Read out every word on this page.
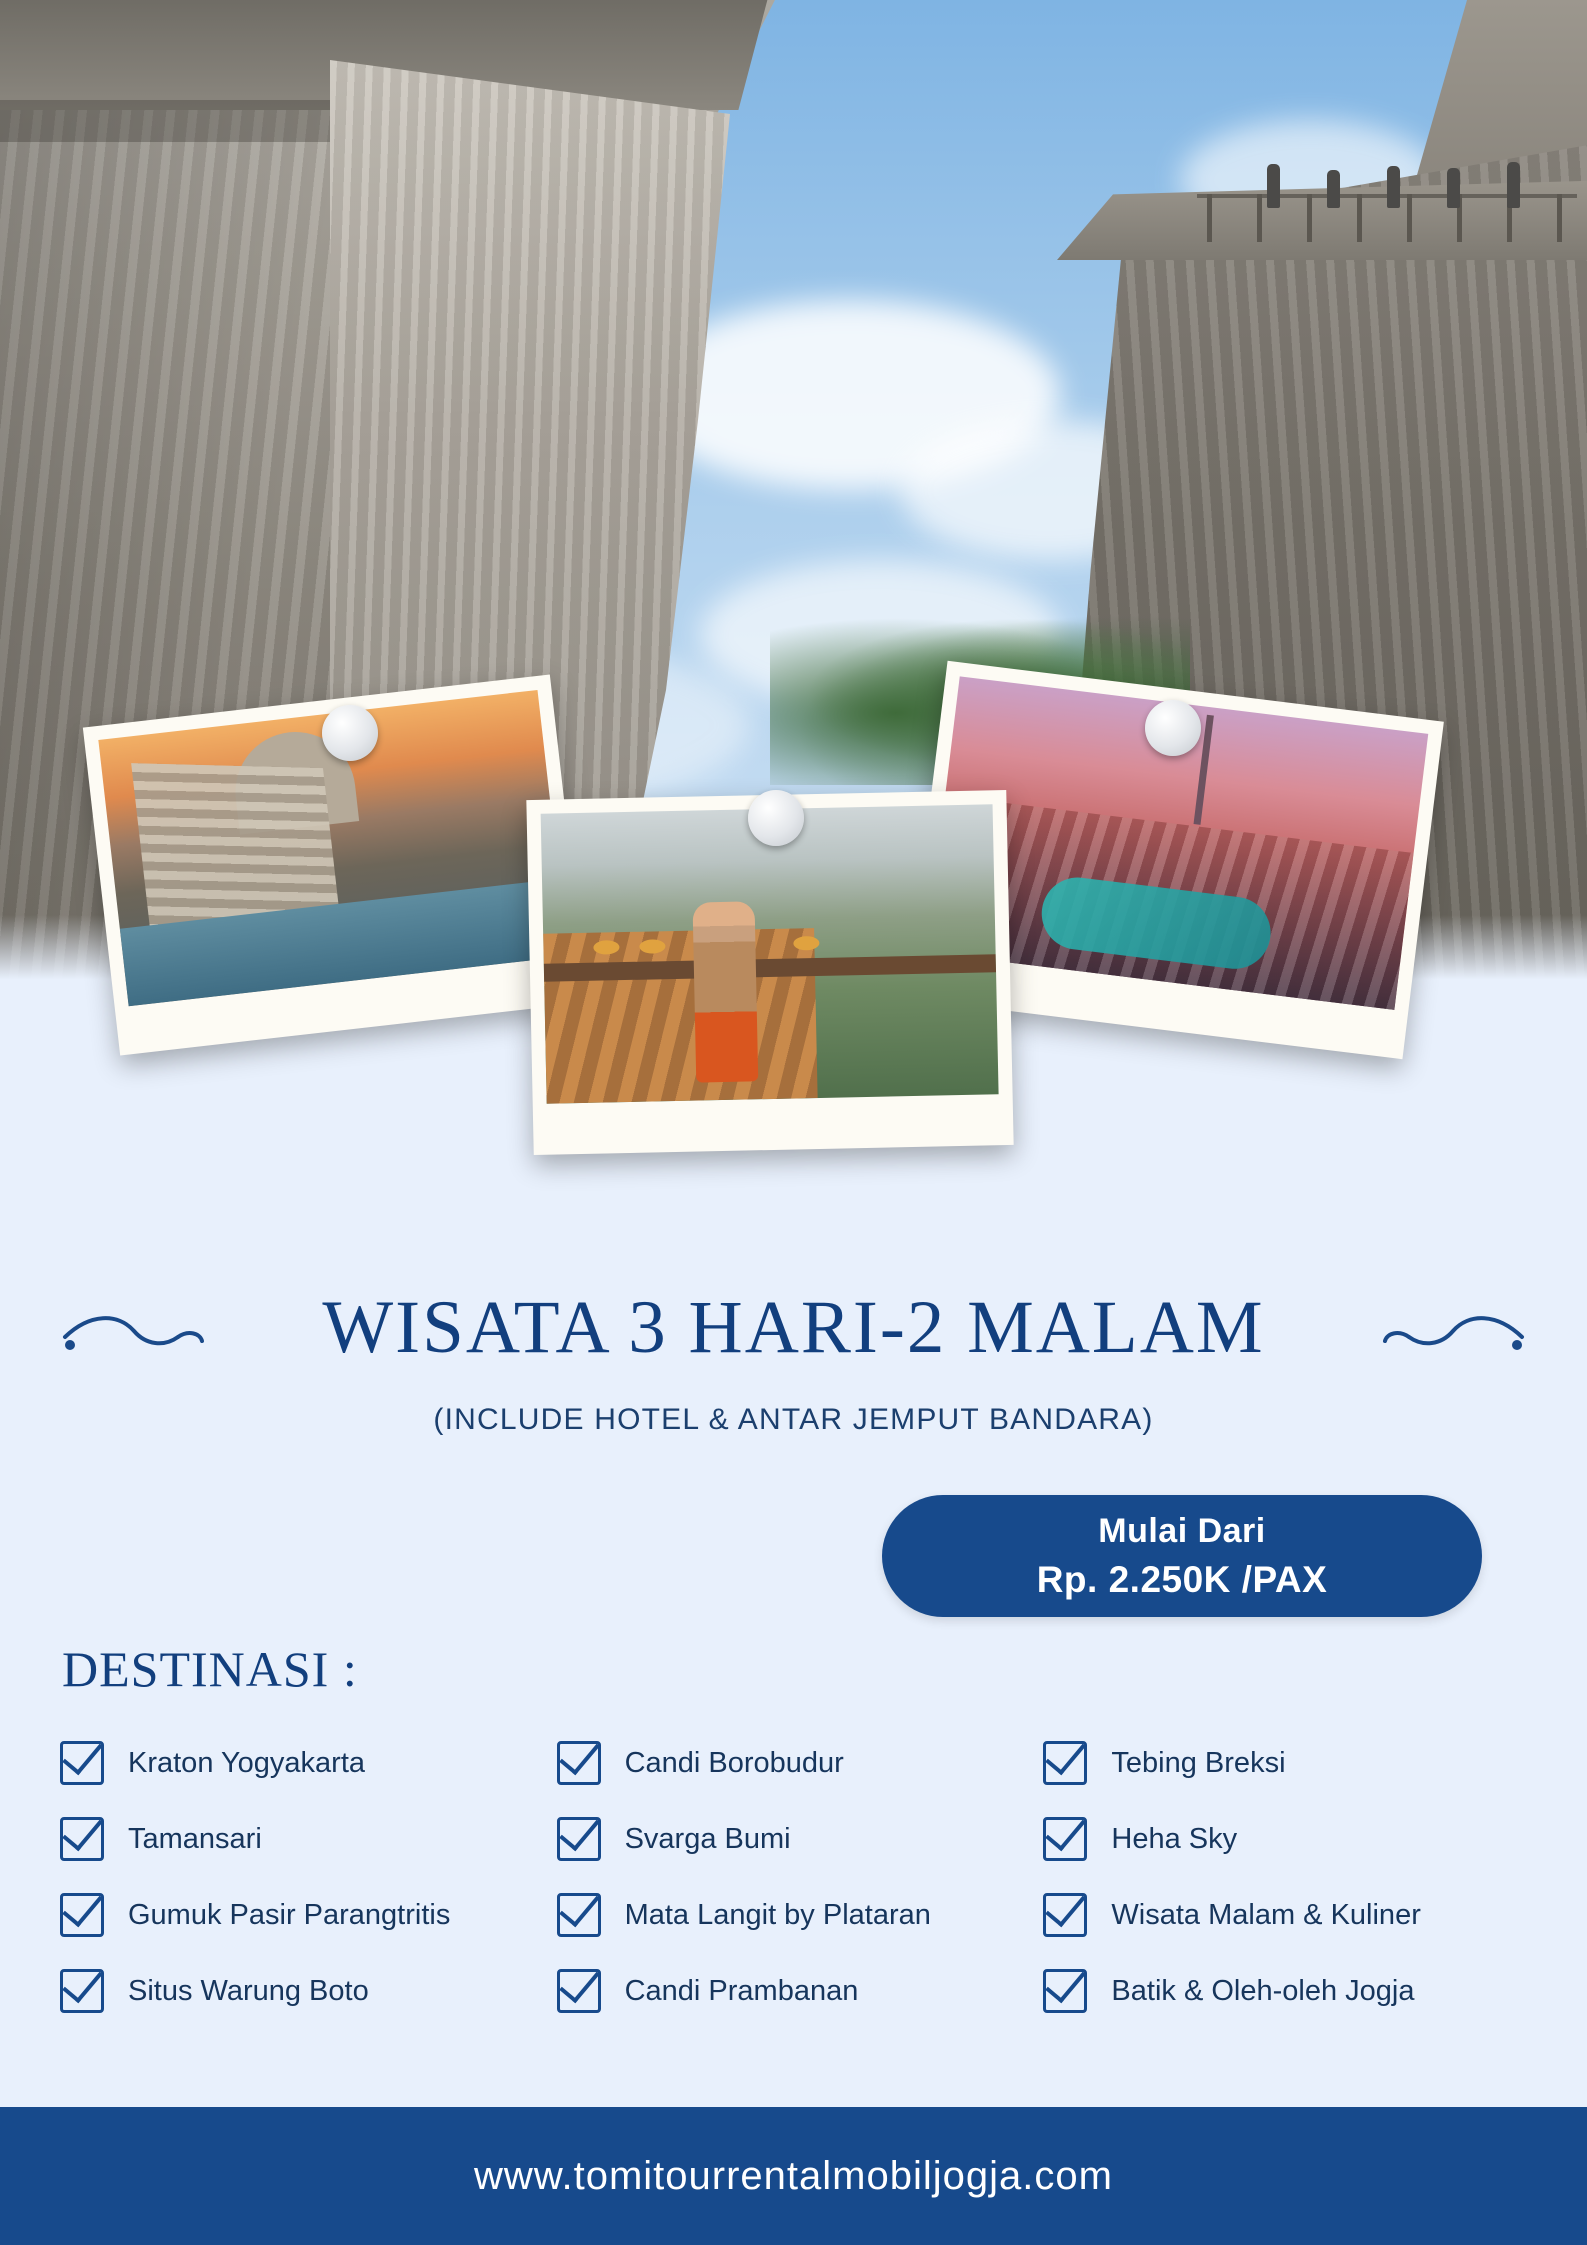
WISATA 3 HARI-2 MALAM
(INCLUDE HOTEL & ANTAR JEMPUT BANDARA)
Mulai Dari
Rp. 2.250K /PAX
DESTINASI :
Kraton Yogyakarta
Tamansari
Gumuk Pasir Parangtritis
Situs Warung Boto
Candi Borobudur
Svarga Bumi
Mata Langit by Plataran
Candi Prambanan
Tebing Breksi
Heha Sky
Wisata Malam & Kuliner
Batik & Oleh-oleh Jogja
www.tomitourrentalmobiljogja.com
